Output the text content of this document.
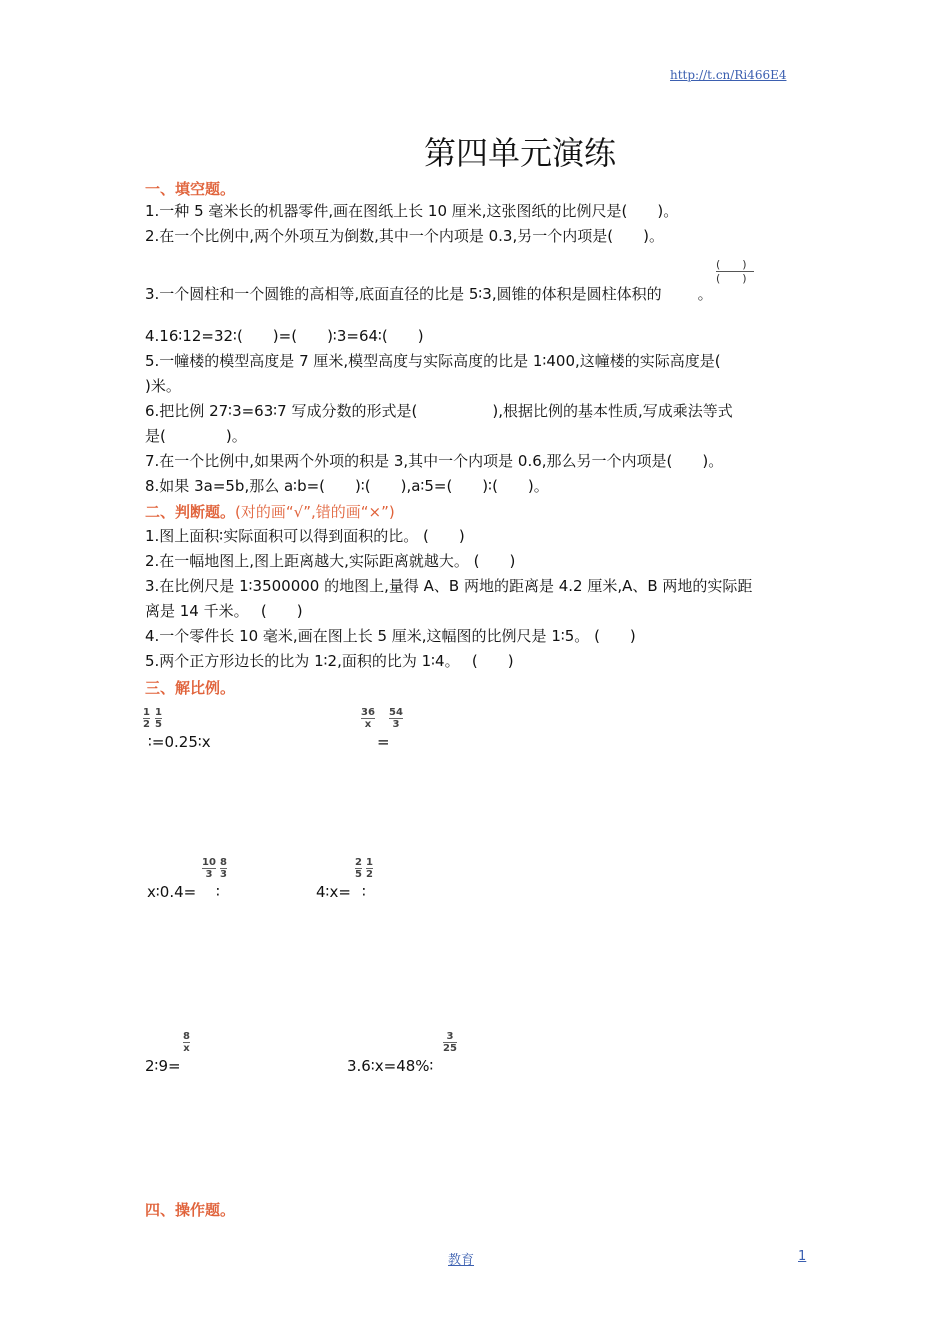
http://t.cn/Ri466E4
第四单元演练
一、填空题。
1.一种 5 毫米长的机器零件,画在图纸上长 10 厘米,这张图纸的比例尺是(　　)。
2.在一个比例中,两个外项互为倒数,其中一个内项是 0.3,另一个内项是(　　)。
(　　)
(　　)
3.一个圆柱和一个圆锥的高相等,底面直径的比是 5∶3,圆锥的体积是圆柱体积的 。
4.16∶12=32∶(　　)=(　　)∶3=64∶(　　)
5.一幢楼的模型高度是 7 厘米,模型高度与实际高度的比是 1∶400,这幢楼的实际高度是(
)米。
6.把比例 27∶3=63∶7 写成分数的形式是(　　　　　),根据比例的基本性质,写成乘法等式
是(　　　　)。
7.在一个比例中,如果两个外项的积是 3,其中一个内项是 0.6,那么另一个内项是(　　)。
8.如果 3a=5b,那么 a∶b=(　　)∶(　　),a∶5=(　　)∶(　　)。
二、判断题。(对的画“√”,错的画“×”)
1.图上面积∶实际面积可以得到面积的比。 (　　)
2.在一幅地图上,图上距离越大,实际距离就越大。 (　　)
3.在比例尺是 1∶3500000 的地图上,量得 A、B 两地的距离是 4.2 厘米,A、B 两地的实际距
离是 14 千米。　 (　　)
4.一个零件长 10 毫米,画在图上长 5 厘米,这幅图的比例尺是 1∶5。 (　　)
5.两个正方形边长的比为 1∶2,面积的比为 1∶4。　 (　　)
三、解比例。
$\frac{1}{2} \frac{1}{5}$
∶=0.25∶x
$\frac{36}{x}$
=
$\frac{54}{3}$
x∶0.4=
$\frac{10}{3}$
∶
$\frac{8}{3}$
4∶x=
$\frac{2}{5}$
∶
$\frac{1}{2}$
2∶9=
$\frac{8}{x}$
3.6∶x=48%∶
$\frac{3}{25}$
四、操作题。
教育	1
